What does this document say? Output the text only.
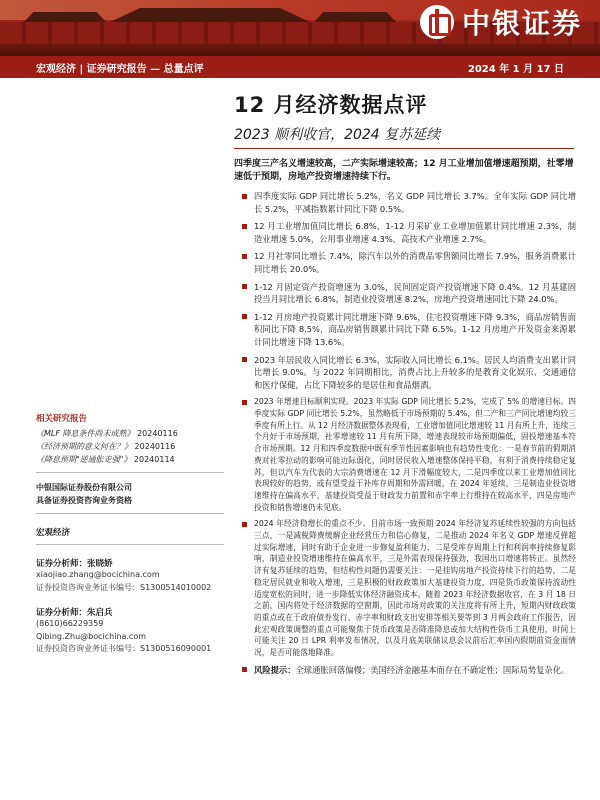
中银证券
宏观经济 | 证券研究报告 — 总量点评	2024 年 1 月 17 日
12 月经济数据点评
2023 顺利收官，2024 复苏延续
四季度三产名义增速较高，二产实际增速较高；12 月工业增加值增速超预期，社零增速低于预期，房地产投资增速持续下行。
四季度实际 GDP 同比增长 5.2%，名义 GDP 同比增长 3.7%。全年实际 GDP 同比增长 5.2%，平减指数累计同比下降 0.5%。
12 月工业增加值同比增长 6.8%，1-12 月采矿业工业增加值累计同比增速 2.3%，制造业增速 5.0%，公用事业增速 4.3%，高技术产业增速 2.7%。
12 月社零同比增长 7.4%，除汽车以外的消费品零售额同比增长 7.9%，服务消费累计同比增长 20.0%。
1-12 月固定资产投资增速为 3.0%，民间固定资产投资增速下降 0.4%。12 月基建固投当月同比增长 6.8%，制造业投资增速 8.2%，房地产投资增速同比下降 24.0%。
1-12 月房地产投资累计同比增速下降 9.6%，住宅投资增速下降 9.3%，商品房销售面积同比下降 8.5%，商品房销售额累计同比下降 6.5%。1-12 月房地产开发资金来源累计同比增速下降 13.6%。
2023 年居民收入同比增长 6.3%，实际收入同比增长 6.1%。居民人均消费支出累计同比增长 9.0%。与 2022 年同期相比，消费占比上升较多的是教育文化娱乐、交通通信和医疗保健，占比下降较多的是居住和食品烟酒。
2023 年增速目标顺利实现。2023 年实际 GDP 同比增长 5.2%，完成了 5% 的增速目标。四季度实际 GDP 同比增长 5.2%，虽然略低于市场预期的 5.4%，但二产和三产同比增速均较三季度有所上行。从 12 月经济数据整体表现看，工业增加值同比增速较 11 月有所上升，连续三个月好于市场预期，社零增速较 11 月有所下降，增速表现较市场预期偏低，固投增速基本符合市场预期。12 月和四季度数据中既有季节性因素影响也有趋势性变化：一是春节前的假期消费对社零拉动的影响可能边际弱化，同时居民收入增速整体保持平稳，有利于消费持续稳定复苏，但以汽车为代表的大宗消费增速在 12 月下滑幅度较大，二是四季度以来工业增加值同比表现较好的趋势，或有望受益于补库存周期和外需回暖，在 2024 年延续，三是制造业投资增速维持在偏高水平，基建投资受益于财政发力前置和赤字率上行维持在较高水平，四是房地产投资和销售增速仍未见底。
2024 年经济稳增长的重点不少。目前市场一致预期 2024 年经济复苏延续性较强的方向包括三点，一是减税降费缓解企业经营压力和信心修复，二是推动 2024 年名义 GDP 增速反弹超过实际增速，同时有助于企业进一步修复盈利能力，二是受库存周期上行和利润率持续修复影响，制造业投资增速维持在偏高水平，三是外需表现保持强劲，我国出口增速将转正。虽然经济有复苏延续的趋势，但结构性问题仍需要关注：一是挂钩房地产投资持续下行的趋势，二是稳定居民就业和收入增速，三是积极的财政政策加大基建投资力度，四是货币政策保持流动性适度宽松的同时，进一步降低实体经济融资成本。随着 2023 年经济数据收官，在 3 月 18 日之前，国内将处于经济数据的空窗期，因此市场对政策的关注度将有所上升，短期内财政政策的重点或在于政府债券发行、赤字率和财政支出安排等相关要等到 3 月两会政府工作报告，因此宏观政策调整的重点可能聚焦于货币政策是否降准降息或加大结构性货币工具使用，时间上可能关注 20 日 LPR 利率发布情况，以及月底美联储议息会议前后汇率国内假期前资金面情况，是否可能落地降准。
风险提示：全球通胀回落偏慢；美国经济金融基本面存在不确定性；国际局势复杂化。
相关研究报告
《MLF 降息条件尚未成熟》 20240116
《经济预期的意义何在？》 20240116
《降息预期"逆通胀走强"》 20240114
中银国际证券股份有限公司
具备证券投资咨询业务资格
宏观经济
证券分析师：张晓娇
xiaojiao.zhang@bocichina.com
证券投资咨询业务证书编号：S1300514010002
证券分析师：朱启兵
(8610)66229359
Qibing.Zhu@bocichina.com
证券投资咨询业务证书编号：S1300516090001
